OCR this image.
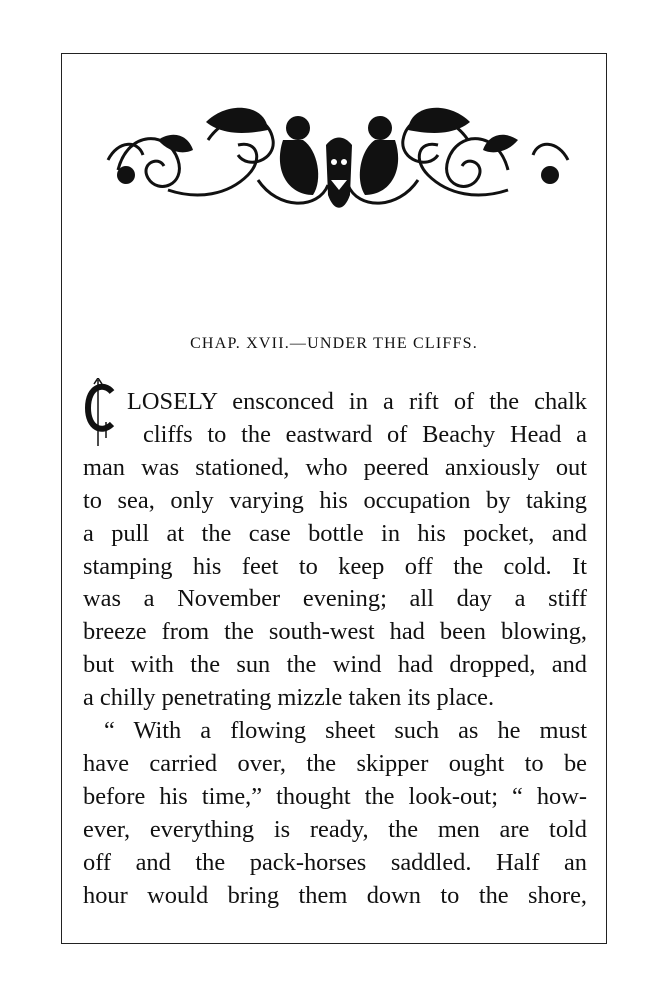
CHAP. XVII.—UNDER THE CLIFFS.
LOSELY ensconced in a rift of the chalk
cliffs to the eastward of Beachy Head a
man was stationed, who peered anxiously out
to sea, only varying his occupation by taking
a pull at the case bottle in his pocket, and
stamping his feet to keep off the cold. It
was a November evening; all day a stiff
breeze from the south-west had been blowing,
but with the sun the wind had dropped, and
a chilly penetrating mizzle taken its place.
“ With a flowing sheet such as he must
have carried over, the skipper ought to be
before his time,” thought the look-out; “ how-
ever, everything is ready, the men are told
off and the pack-horses saddled. Half an
hour would bring them down to the shore,
